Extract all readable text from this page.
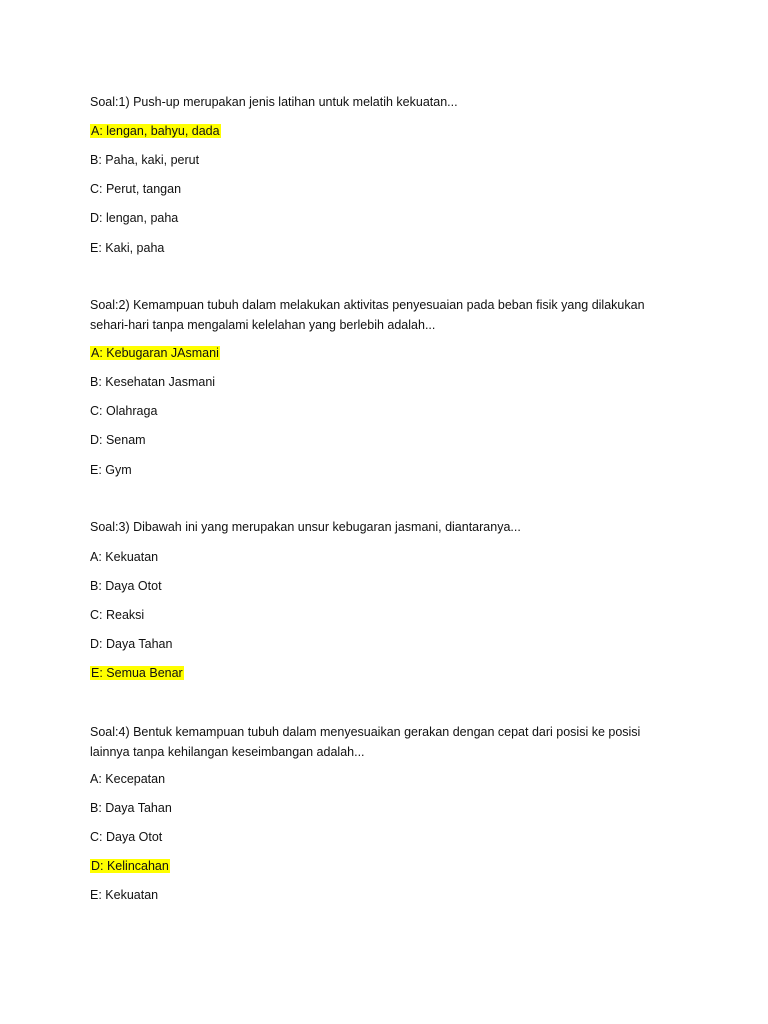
Soal:1) Push-up merupakan jenis latihan untuk melatih kekuatan...
A: lengan, bahyu, dada
B: Paha, kaki, perut
C: Perut, tangan
D: lengan, paha
E: Kaki, paha
Soal:2) Kemampuan tubuh dalam melakukan aktivitas penyesuaian pada beban fisik yang dilakukan sehari-hari tanpa mengalami kelelahan yang berlebih adalah...
A: Kebugaran JAsmani
B: Kesehatan Jasmani
C: Olahraga
D: Senam
E: Gym
Soal:3) Dibawah ini yang merupakan unsur kebugaran jasmani, diantaranya...
A: Kekuatan
B: Daya Otot
C: Reaksi
D: Daya Tahan
E: Semua Benar
Soal:4) Bentuk kemampuan tubuh dalam menyesuaikan gerakan dengan cepat dari posisi ke posisi lainnya tanpa kehilangan keseimbangan adalah...
A: Kecepatan
B: Daya Tahan
C: Daya Otot
D: Kelincahan
E: Kekuatan
